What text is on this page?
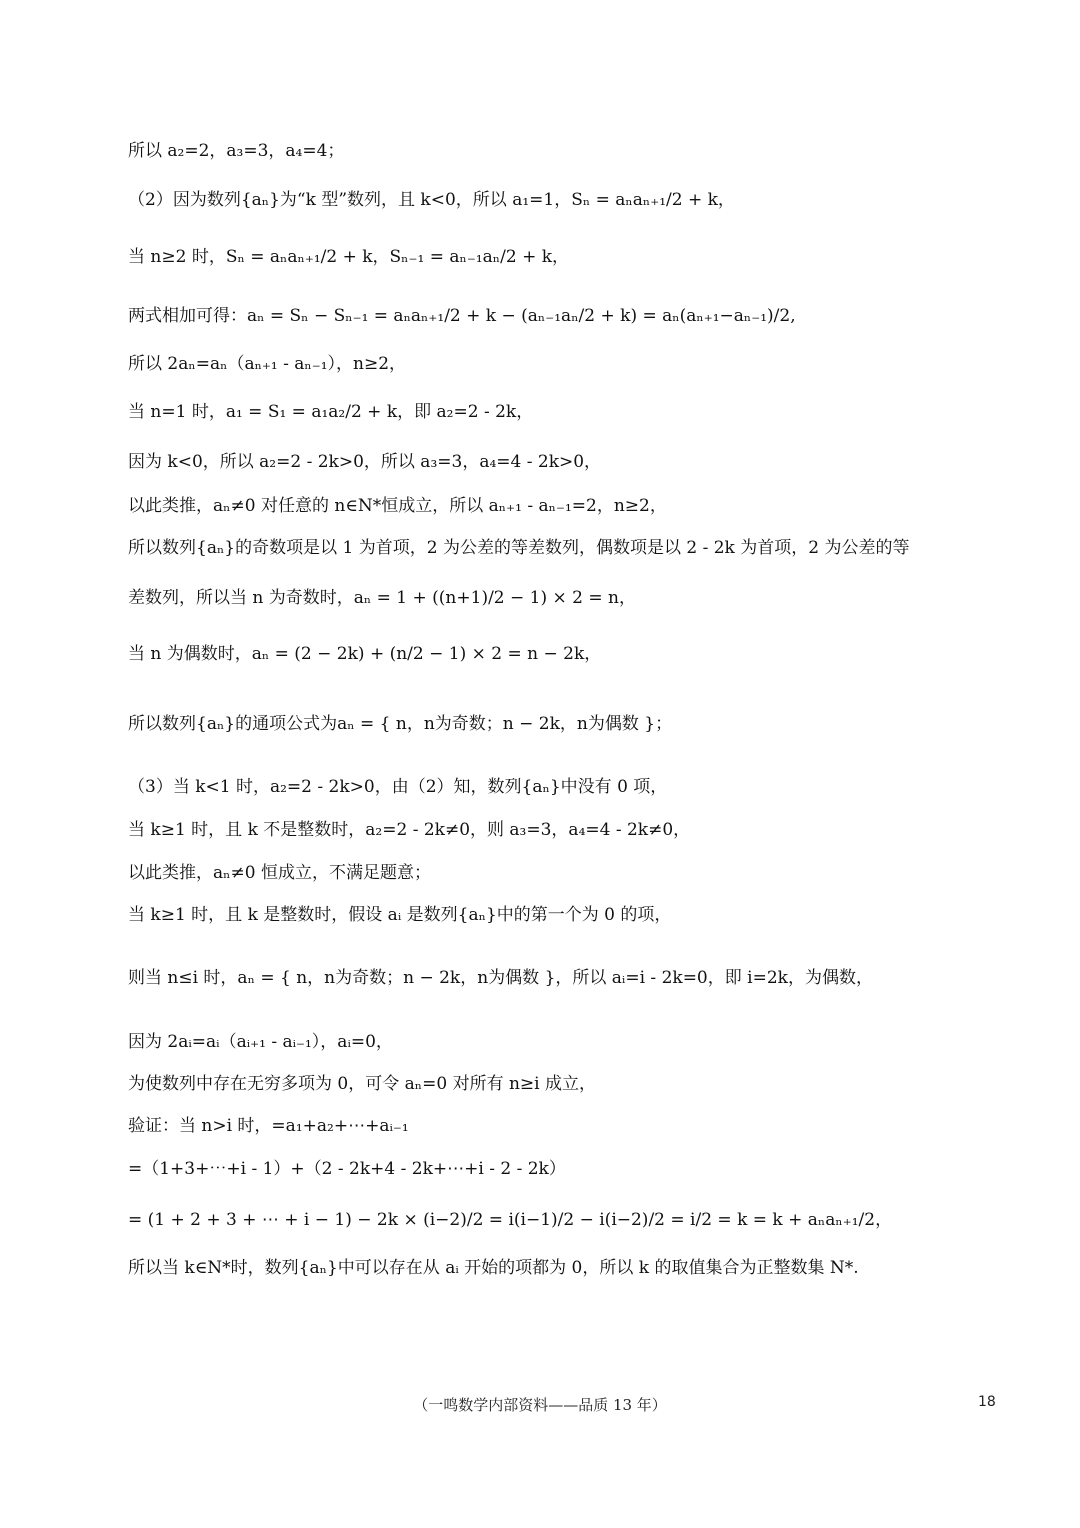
所以 a₂=2，a₃=3，a₄=4；
（2）因为数列{aₙ}为“k 型”数列，且 k<0，所以 a₁=1，Sₙ = aₙaₙ₊₁/2 + k，
当 n≥2 时，Sₙ = aₙaₙ₊₁/2 + k，Sₙ₋₁ = aₙ₋₁aₙ/2 + k，
两式相加可得：aₙ = Sₙ − Sₙ₋₁ = aₙaₙ₊₁/2 + k − (aₙ₋₁aₙ/2 + k) = aₙ(aₙ₊₁−aₙ₋₁)/2,
所以 2aₙ=aₙ（aₙ₊₁ - aₙ₋₁），n≥2，
当 n=1 时，a₁ = S₁ = a₁a₂/2 + k，即 a₂=2 - 2k，
因为 k<0，所以 a₂=2 - 2k>0，所以 a₃=3，a₄=4 - 2k>0，
以此类推，aₙ≠0 对任意的 n∈N*恒成立，所以 aₙ₊₁ - aₙ₋₁=2，n≥2，
所以数列{aₙ}的奇数项是以 1 为首项，2 为公差的等差数列，偶数项是以 2 - 2k 为首项，2 为公差的等
差数列，所以当 n 为奇数时，aₙ = 1 + ((n+1)/2 − 1) × 2 = n，
当 n 为偶数时，aₙ = (2 − 2k) + (n/2 − 1) × 2 = n − 2k，
所以数列{aₙ}的通项公式为aₙ = { n，n为奇数；n − 2k，n为偶数 }；
（3）当 k<1 时，a₂=2 - 2k>0，由（2）知，数列{aₙ}中没有 0 项，
当 k≥1 时，且 k 不是整数时，a₂=2 - 2k≠0，则 a₃=3，a₄=4 - 2k≠0，
以此类推，aₙ≠0 恒成立，不满足题意；
当 k≥1 时，且 k 是整数时，假设 aᵢ 是数列{aₙ}中的第一个为 0 的项，
则当 n≤i 时，aₙ = { n，n为奇数；n − 2k，n为偶数 }，所以 aᵢ=i - 2k=0，即 i=2k，为偶数，
因为 2aᵢ=aᵢ（aᵢ₊₁ - aᵢ₋₁），aᵢ=0，
为使数列中存在无穷多项为 0，可令 aₙ=0 对所有 n≥i 成立，
验证：当 n>i 时，=a₁+a₂+⋯+aᵢ₋₁
=（1+3+⋯+i - 1）+（2 - 2k+4 - 2k+⋯+i - 2 - 2k）
= (1 + 2 + 3 + ⋯ + i − 1) − 2k × (i−2)/2 = i(i−1)/2 − i(i−2)/2 = i/2 = k = k + aₙaₙ₊₁/2，
所以当 k∈N*时，数列{aₙ}中可以存在从 aᵢ 开始的项都为 0，所以 k 的取值集合为正整数集 N*.
（一鸣数学内部资料——品质 13 年）	18
